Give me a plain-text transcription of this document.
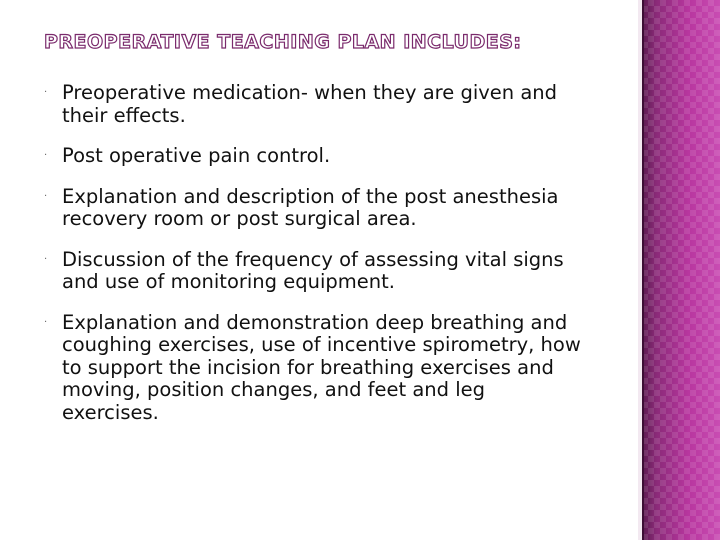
PREOPERATIVE TEACHING PLAN INCLUDES:
· Preoperative medication- when they are given and their effects.
· Post operative pain control.
· Explanation and description of the post anesthesia recovery room or post surgical area.
· Discussion of the frequency of assessing vital signs and use of monitoring equipment.
· Explanation and demonstration deep breathing and coughing exercises, use of incentive spirometry, how to support the incision for breathing exercises and moving, position changes, and feet and leg exercises.
